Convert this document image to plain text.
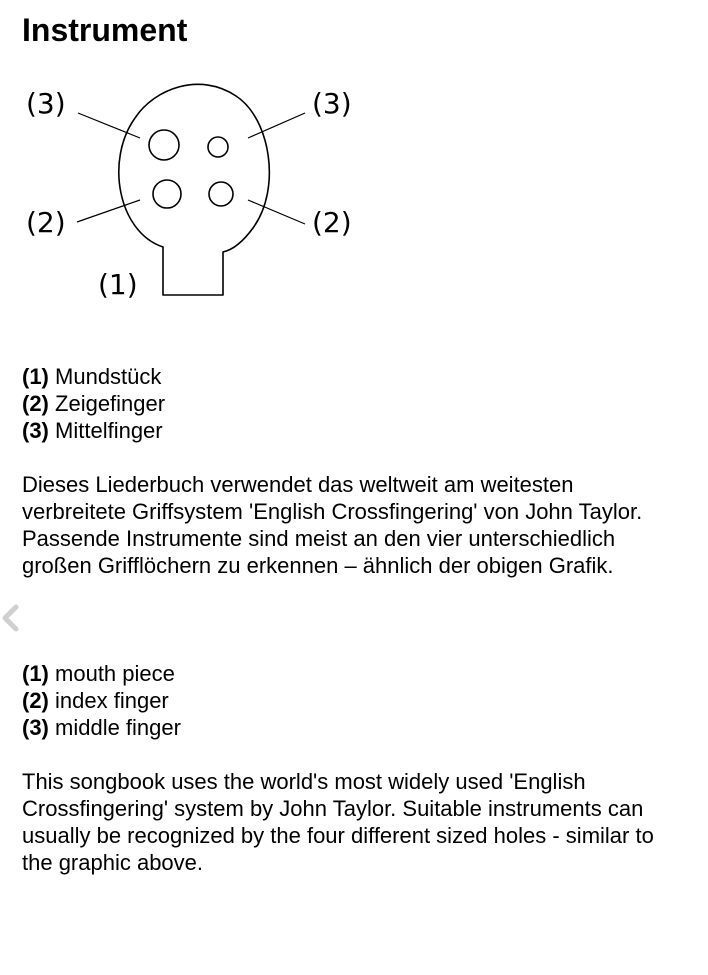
Instrument
(3)	(3)
(2)	(2)
(1)
(1) Mundstück
(2) Zeigefinger
(3) Mittelfinger

Dieses Liederbuch verwendet das weltweit am weitesten verbreitete Griffsystem 'English Crossfingering' von John Taylor. Passende Instrumente sind meist an den vier unterschiedlich großen Grifflöchern zu erkennen – ähnlich der obigen Grafik.

(1) mouth piece
(2) index finger
(3) middle finger

This songbook uses the world's most widely used 'English Crossfingering' system by John Taylor. Suitable instruments can usually be recognized by the four different sized holes - similar to the graphic above.
